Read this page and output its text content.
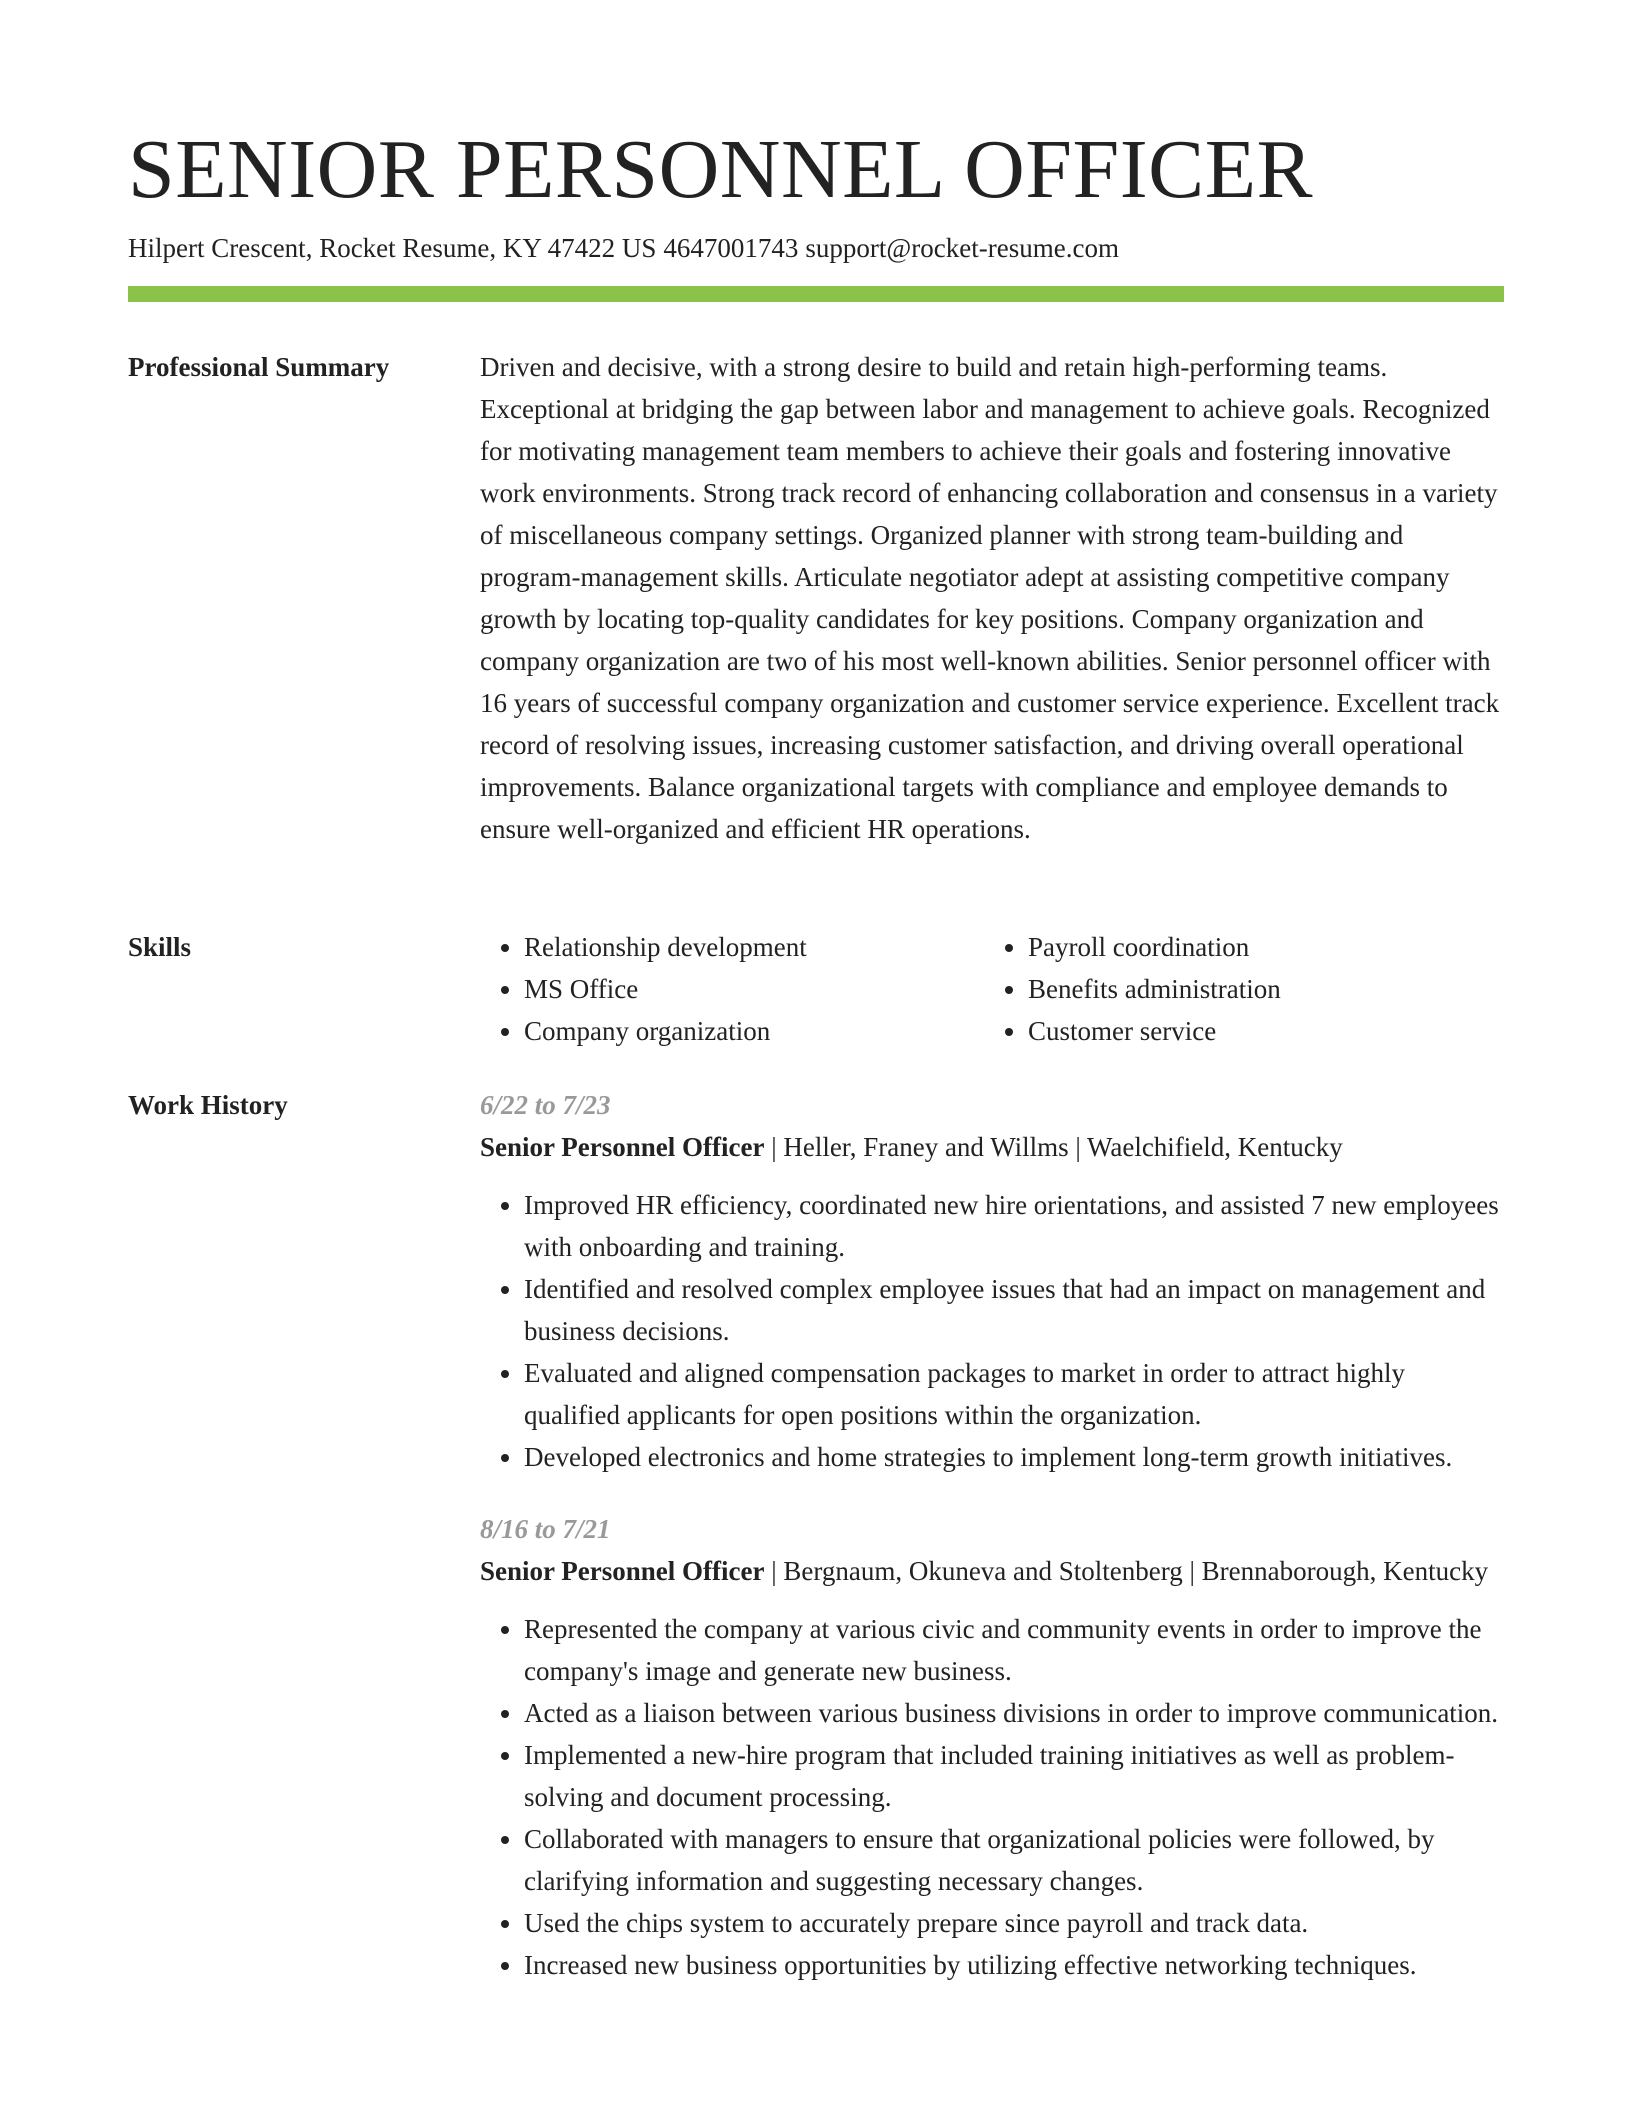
SENIOR PERSONNEL OFFICER
Hilpert Crescent, Rocket Resume, KY 47422 US 4647001743 support@rocket-resume.com
Professional Summary	Driven and decisive, with a strong desire to build and retain high-performing teams. Exceptional at bridging the gap between labor and management to achieve goals. Recognized for motivating management team members to achieve their goals and fostering innovative work environments. Strong track record of enhancing collaboration and consensus in a variety of miscellaneous company settings. Organized planner with strong team-building and program-management skills. Articulate negotiator adept at assisting competitive company growth by locating top-quality candidates for key positions. Company organization and company organization are two of his most well-known abilities. Senior personnel officer with 16 years of successful company organization and customer service experience. Excellent track record of resolving issues, increasing customer satisfaction, and driving overall operational improvements. Balance organizational targets with compliance and employee demands to ensure well-organized and efficient HR operations.

Skills
•	Relationship development
• MS Office
• Company organization
• Payroll coordination
• Benefits administration
• Customer service
Work History	6/22 to 7/23
Senior Personnel Officer | Heller, Franey and Willms | Waelchifield, Kentucky
• Improved HR efficiency, coordinated new hire orientations, and assisted 7 new employees with onboarding and training.
• Identified and resolved complex employee issues that had an impact on management and business decisions.
• Evaluated and aligned compensation packages to market in order to attract highly qualified applicants for open positions within the organization.
• Developed electronics and home strategies to implement long-term growth initiatives.
8/16 to 7/21
Senior Personnel Officer | Bergnaum, Okuneva and Stoltenberg | Brennaborough, Kentucky
• Represented the company at various civic and community events in order to improve the company's image and generate new business.
• Acted as a liaison between various business divisions in order to improve communication.
• Implemented a new-hire program that included training initiatives as well as problem-solving and document processing.
• Collaborated with managers to ensure that organizational policies were followed, by clarifying information and suggesting necessary changes.
• Used the chips system to accurately prepare since payroll and track data.
• Increased new business opportunities by utilizing effective networking techniques.
